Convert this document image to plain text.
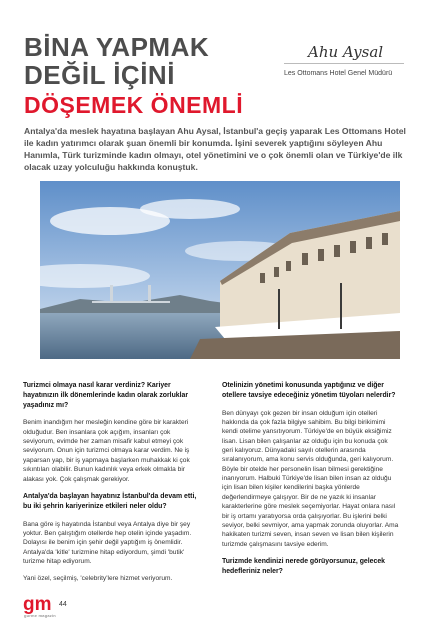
BİNA YAPMAK
DEĞİL İÇİNİ
DÖŞEMEK ÖNEMLİ
Ahu Aysal
Les Ottomans Hotel Genel Müdürü
Antalya'da meslek hayatına başlayan Ahu Aysal, İstanbul'a geçiş yaparak Les Ottomans Hotel ile kadın yatırımcı olarak şuan önemli bir konumda. İşini severek yaptığını söyleyen Ahu Hanımla, Türk turizminde kadın olmayı, otel yönetimini ve o çok önemli olan ve Türkiye'de ilk olacak uzay yolculuğu hakkında konuştuk.

Turizmci olmaya nasıl karar verdiniz? Kariyer hayatınızın ilk dönemlerinde kadın olarak zorluklar yaşadınız mı?

Benim inandığım her mesleğin kendine göre bir karakteri olduğudur. Ben insanlara çok açığım, insanları çok seviyorum, evimde her zaman misafir kabul etmeyi çok seviyorum. Onun için turizmci olmaya karar verdim. Ne iş yaparsan yap, bir iş yapmaya başlarken muhakkak ki çok sıkıntıları olabilir. Bunun kadınlık veya erkek olmakla bir alakası yok. Çok çalışmak gerekiyor.

Antalya'da başlayan hayatınız İstanbul'da devam etti, bu iki şehrin kariyerinize etkileri neler oldu?

Bana göre iş hayatında İstanbul veya Antalya diye bir şey yoktur. Ben çalıştığım otellerde hep otelin içinde yaşadım. Dolayısı ile benim için şehir değil yaptığım iş önemlidir. Antalya'da 'kitle' turizmine hitap ediyordum, şimdi 'butik' turizme hitap ediyorum.

Yani özel, seçilmiş, 'celebrity'lere hizmet veriyorum.

Otelinizin yönetimi konusunda yaptığınız ve diğer otellere tavsiye edeceğiniz yönetim tüyoları nelerdir?

Ben dünyayı çok gezen bir insan olduğum için otelleri hakkında da çok fazla bilgiye sahibim. Bu bilgi birikimimi kendi otelime yansıtıyorum. Türkiye'de en büyük eksiğimiz lisan. Lisan bilen çalışanlar az olduğu için bu konuda çok geri kalıyoruz. Dünyadaki sayılı otellerin arasında sıralanıyorum, ama konu servis olduğunda, geri kalıyorum. Böyle bir otelde her personelin lisan bilmesi gerektiğine inanıyorum. Halbuki Türkiye'de lisan bilen insan az olduğu için lisan bilen kişiler kendilerini başka yönlerde değerlendirmeye çalışıyor. Bir de ne yazık ki insanlar karakterlerine göre meslek seçemiyorlar. Hayat onlara nasıl bir iş ortamı yaratıyorsa orda çalışıyorlar. Bu işlerini belki seviyor, belki sevmiyor, ama yapmak zorunda oluyorlar. Ama hakikaten turizmi seven, insan seven ve lisan bilen kişilerin turizmde çalışmasını tavsiye ederim.

Turizmde kendinizi nerede görüyorsunuz, gelecek hedefleriniz neler?

gm
gurme magazin
44
